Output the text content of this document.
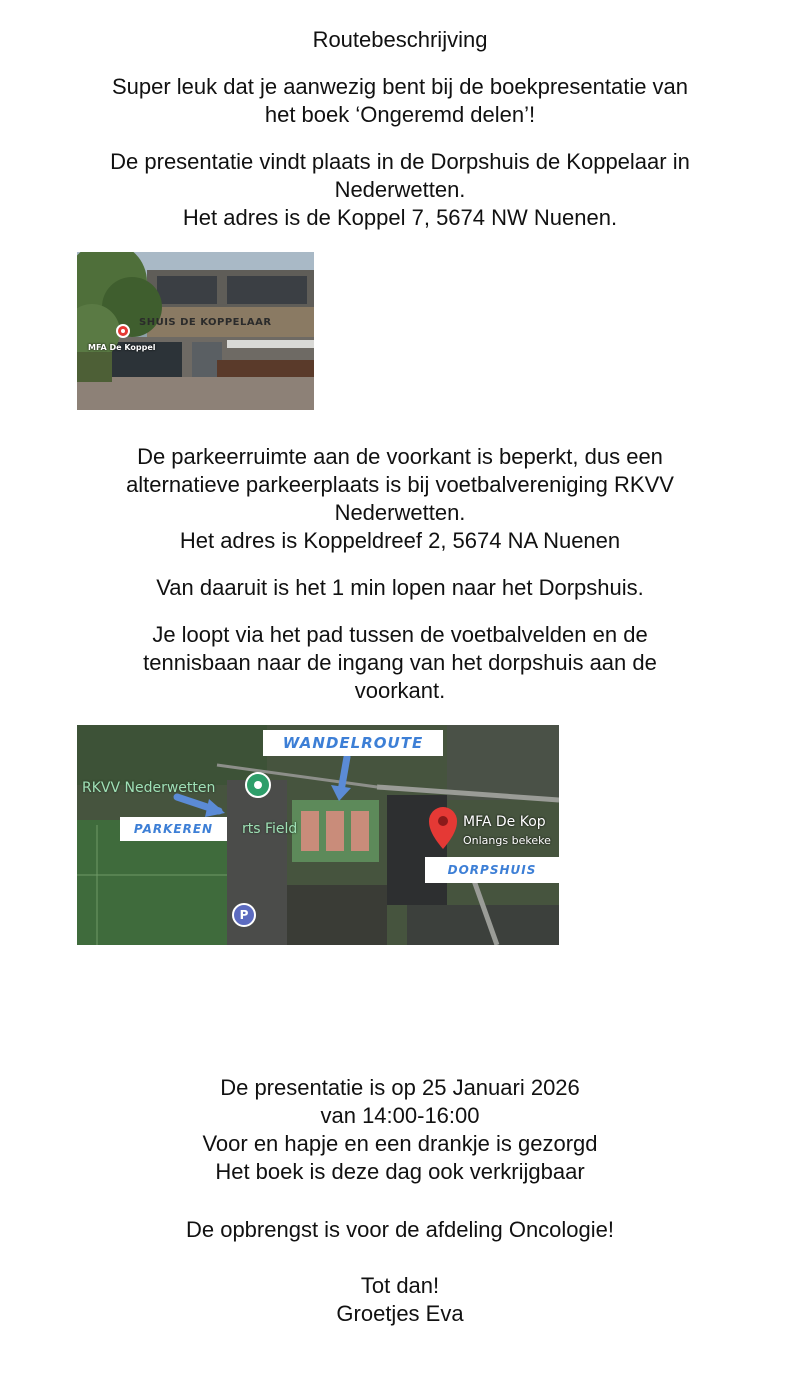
Routebeschrijving

Super leuk dat je aanwezig bent bij de boekpresentatie van
het boek ‘Ongeremd delen’!

De presentatie vindt plaats in de Dorpshuis de Koppelaar in
Nederwetten.
Het adres is de Koppel 7, 5674 NW Nuenen.

SHUIS DE KOPPELAAR
MFA De Koppel

De parkeerruimte aan de voorkant is beperkt, dus een
alternatieve parkeerplaats is bij voetbalvereniging RKVV
Nederwetten.
Het adres is Koppeldreef 2, 5674 NA Nuenen

Van daaruit is het 1 min lopen naar het Dorpshuis.

Je loopt via het pad tussen de voetbalvelden en de
tennisbaan naar de ingang van het dorpshuis aan de
voorkant.

RKVV Nederwetten
rts Field	MFA De Kop
Onlangs bekeke
WANDELROUTE
PARKEREN
DORPSHUIS
P

De presentatie is op 25 Januari 2026
van 14:00-16:00
Voor en hapje en een drankje is gezorgd
Het boek is deze dag ook verkrijgbaar

De opbrengst is voor de afdeling Oncologie!

Tot dan!
Groetjes Eva
